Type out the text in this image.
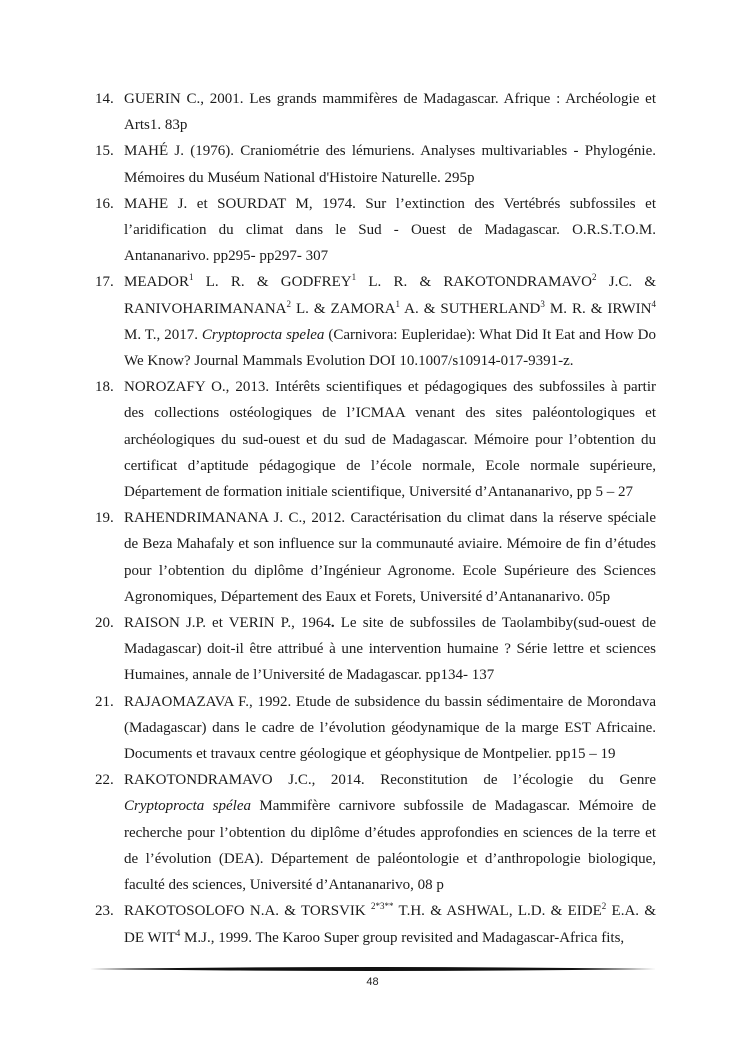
14. GUERIN C., 2001. Les grands mammifères de Madagascar. Afrique : Archéologie et Arts1. 83p
15. MAHÉ J. (1976). Craniométrie des lémuriens. Analyses multivariables - Phylogénie. Mémoires du Muséum National d'Histoire Naturelle. 295p
16. MAHE J. et SOURDAT M, 1974. Sur l’extinction des Vertébrés subfossiles et l’aridification du climat dans le Sud - Ouest de Madagascar. O.R.S.T.O.M. Antananarivo. pp295- pp297- 307
17. MEADOR$^1$ L. R. & GODFREY$^1$ L. R. & RAKOTONDRAMAVO$^2$ J.C. & RANIVOHARIMANANA$^2$ L. & ZAMORA$^1$ A. & SUTHERLAND$^3$ M. R. & IRWIN$^4$ M. T., 2017. Cryptoprocta spelea (Carnivora: Eupleridae): What Did It Eat and How Do We Know? Journal Mammals Evolution DOI 10.1007/s10914-017-9391-z.
18. NOROZAFY O., 2013. Intérêts scientifiques et pédagogiques des subfossiles à partir des collections ostéologiques de l’ICMAA venant des sites paléontologiques et archéologiques du sud-ouest et du sud de Madagascar. Mémoire pour l’obtention du certificat d’aptitude pédagogique de l’école normale, Ecole normale supérieure, Département de formation initiale scientifique, Université d’Antananarivo, pp 5 – 27
19. RAHENDRIMANANA J. C., 2012. Caractérisation du climat dans la réserve spéciale de Beza Mahafaly et son influence sur la communauté aviaire. Mémoire de fin d’études pour l’obtention du diplôme d’Ingénieur Agronome. Ecole Supérieure des Sciences Agronomiques, Département des Eaux et Forets, Université d’Antananarivo. 05p
20. RAISON J.P. et VERIN P., 1964. Le site de subfossiles de Taolambiby(sud-ouest de Madagascar) doit-il être attribué à une intervention humaine ? Série lettre et sciences Humaines, annale de l’Université de Madagascar. pp134- 137
21. RAJAOMAZAVA F., 1992. Etude de subsidence du bassin sédimentaire de Morondava (Madagascar) dans le cadre de l’évolution géodynamique de la marge EST Africaine. Documents et travaux centre géologique et géophysique de Montpelier. pp15 – 19
22. RAKOTONDRAMAVO J.C., 2014. Reconstitution de l’écologie du Genre Cryptoprocta spélea Mammifère carnivore subfossile de Madagascar. Mémoire de recherche pour l’obtention du diplôme d’études approfondies en sciences de la terre et de l’évolution (DEA). Département de paléontologie et d’anthropologie biologique, faculté des sciences, Université d’Antananarivo, 08 p
23. RAKOTOSOLOFO N.A. & TORSVIK $^{2*3**}$ T.H. & ASHWAL, L.D. & EIDE$^2$ E.A. & DE WIT$^4$ M.J., 1999. The Karoo Super group revisited and Madagascar-Africa fits,
48
